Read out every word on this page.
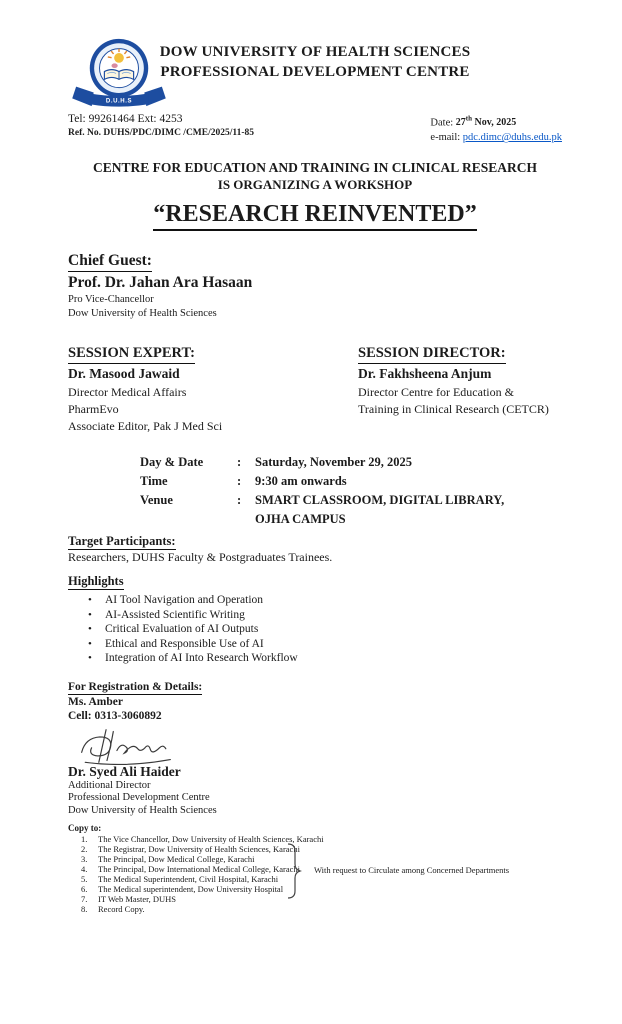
D.U.H.S
DOW UNIVERSITY OF HEALTH SCIENCES
PROFESSIONAL DEVELOPMENT CENTRE
Tel: 99261464 Ext: 4253
Ref. No. DUHS/PDC/DIMC /CME/2025/11-85
Date: 27th Nov, 2025
e-mail: pdc.dimc@duhs.edu.pk
CENTRE FOR EDUCATION AND TRAINING IN CLINICAL RESEARCH
IS ORGANIZING A WORKSHOP
“RESEARCH REINVENTED”
Chief Guest:
Prof. Dr. Jahan Ara Hasaan
Pro Vice-Chancellor
Dow University of Health Sciences
SESSION EXPERT:
Dr. Masood Jawaid
Director Medical Affairs
PharmEvo
Associate Editor, Pak J Med Sci
SESSION DIRECTOR:
Dr. Fakhsheena Anjum
Director Centre for Education &
Training in Clinical Research (CETCR)
Day & Date	:	Saturday, November 29, 2025
Time	:	9:30 am onwards
Venue	:	SMART CLASSROOM, DIGITAL LIBRARY,
OJHA CAMPUS
Target Participants:
Researchers, DUHS Faculty & Postgraduates Trainees.
Highlights
• AI Tool Navigation and Operation
• AI-Assisted Scientific Writing
• Critical Evaluation of AI Outputs
• Ethical and Responsible Use of AI
• Integration of AI Into Research Workflow
For Registration & Details:
Ms. Amber
Cell: 0313-3060892
Dr. Syed Ali Haider
Additional Director
Professional Development Centre
Dow University of Health Sciences
Copy to:
1.	The Vice Chancellor, Dow University of Health Sciences, Karachi
2.	The Registrar, Dow University of Health Sciences, Karachi
3.	The Principal, Dow Medical College, Karachi
4.	The Principal, Dow International Medical College, Karachi
5.	The Medical Superintendent, Civil Hospital, Karachi
6.	The Medical superintendent, Dow University Hospital
7.	IT Web Master, DUHS
8.	Record Copy.
With request to Circulate among Concerned Departments
